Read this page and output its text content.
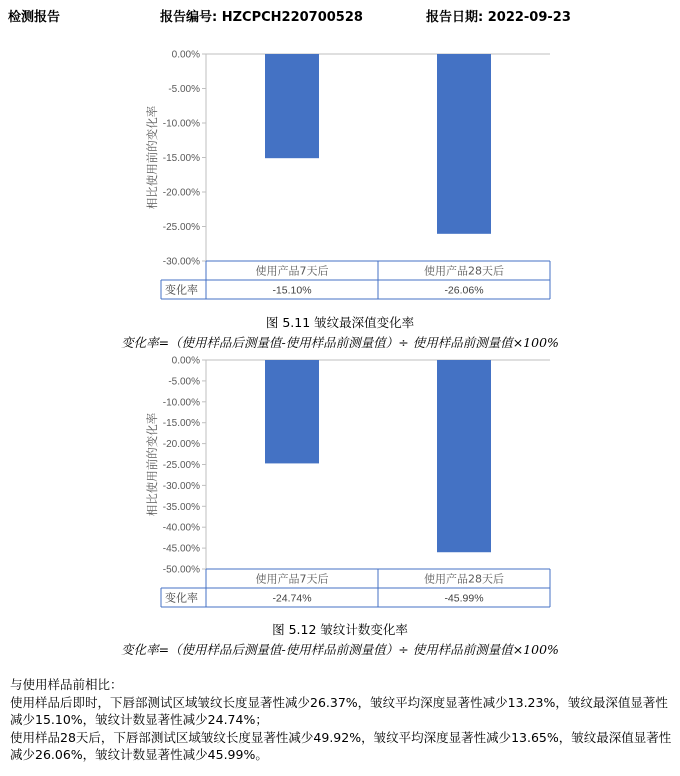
检测报告	报告编号: HZCPCH220700528	报告日期: 2022-09-23
0.00%
-5.00%
-10.00%
-15.00%
-20.00%
-25.00%
-30.00%
相比使用前的变化率
使用产品7天后	使用产品28天后
变化率	-15.10%	-26.06%
图 5.11 皱纹最深值变化率
变化率=（使用样品后测量值-使用样品前测量值）÷ 使用样品前测量值×100%
0.00%
-5.00%
-10.00%
-15.00%
-20.00%
-25.00%
-30.00%
-35.00%
-40.00%
-45.00%
-50.00%
相比使用前的变化率
使用产品7天后	使用产品28天后
变化率	-24.74%	-45.99%
图 5.12 皱纹计数变化率
变化率=（使用样品后测量值-使用样品前测量值）÷ 使用样品前测量值×100%
与使用样品前相比：
使用样品后即时，下唇部测试区域皱纹长度显著性减少26.37%，皱纹平均深度显著性减少13.23%，皱纹最深值显著性减少15.10%，皱纹计数显著性减少24.74%；
使用样品28天后，下唇部测试区域皱纹长度显著性减少49.92%，皱纹平均深度显著性减少13.65%，皱纹最深值显著性减少26.06%，皱纹计数显著性减少45.99%。
